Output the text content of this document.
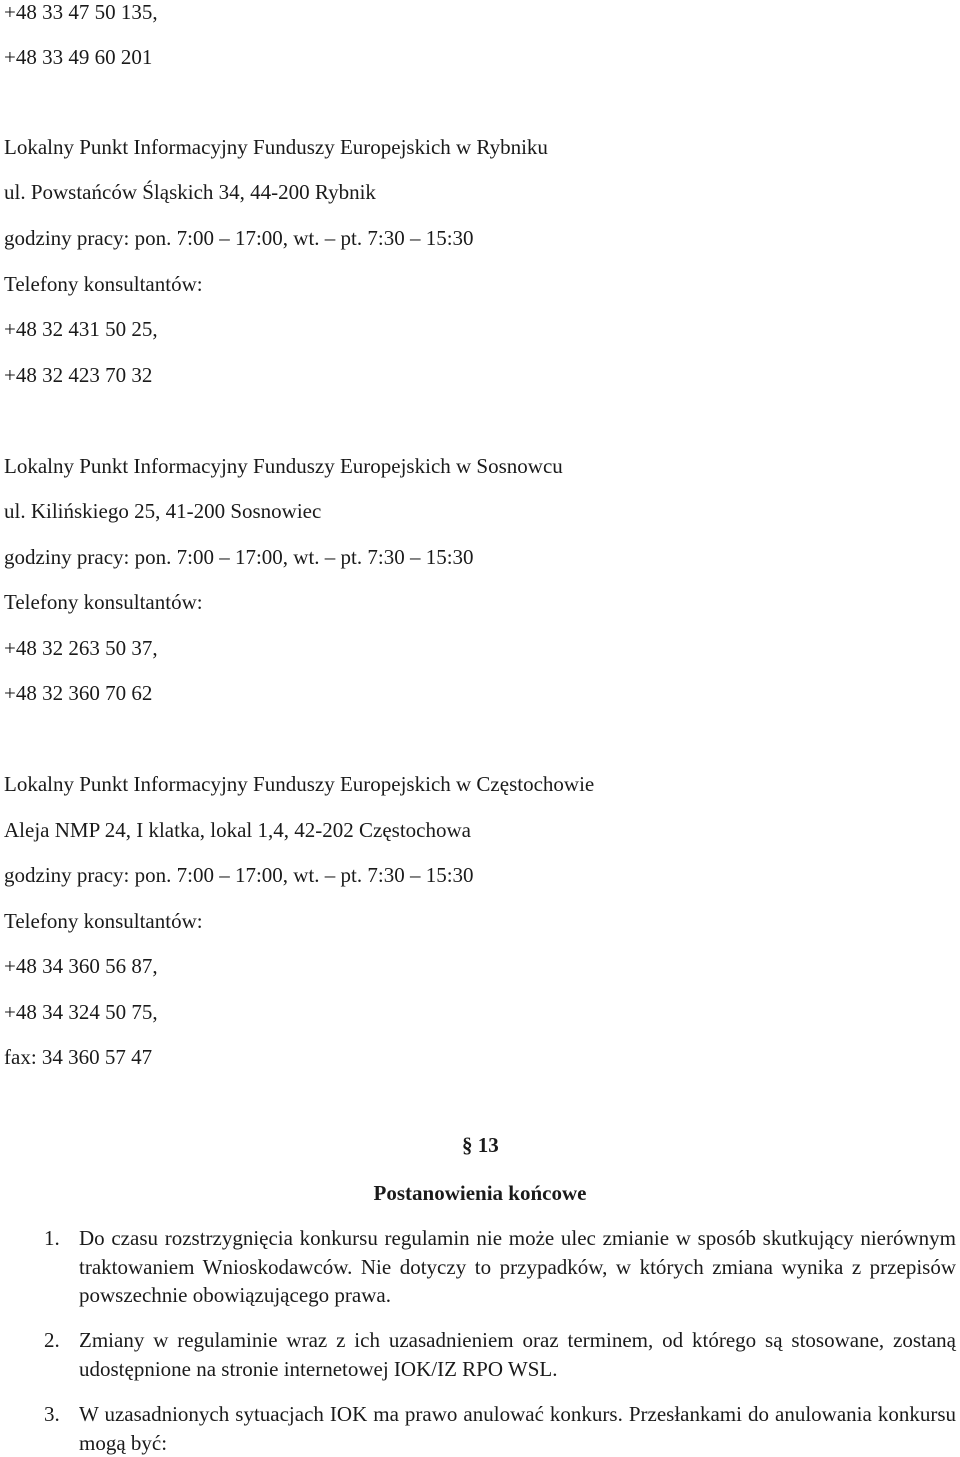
+48 33 47 50 135,
+48 33 49 60 201
Lokalny Punkt Informacyjny Funduszy Europejskich w Rybniku
ul. Powstańców Śląskich 34, 44-200 Rybnik
godziny pracy: pon. 7:00 – 17:00, wt. – pt. 7:30 – 15:30
Telefony konsultantów:
+48 32 431 50 25,
+48 32 423 70 32
Lokalny Punkt Informacyjny Funduszy Europejskich w Sosnowcu
ul. Kilińskiego 25, 41-200 Sosnowiec
godziny pracy: pon. 7:00 – 17:00, wt. – pt. 7:30 – 15:30
Telefony konsultantów:
+48 32 263 50 37,
+48 32 360 70 62
Lokalny Punkt Informacyjny Funduszy Europejskich w Częstochowie
Aleja NMP 24, I klatka, lokal 1,4, 42-202 Częstochowa
godziny pracy: pon. 7:00 – 17:00, wt. – pt. 7:30 – 15:30
Telefony konsultantów:
+48 34 360 56 87,
+48 34 324 50 75,
fax: 34 360 57 47
§ 13
Postanowienia końcowe
1. Do czasu rozstrzygnięcia konkursu regulamin nie może ulec zmianie w sposób skutkujący nierównym traktowaniem Wnioskodawców. Nie dotyczy to przypadków, w których zmiana wynika z przepisów powszechnie obowiązującego prawa.
2. Zmiany w regulaminie wraz z ich uzasadnieniem oraz terminem, od którego są stosowane, zostaną udostępnione na stronie internetowej IOK/IZ RPO WSL.
3. W uzasadnionych sytuacjach IOK ma prawo anulować konkurs. Przesłankami do anulowania konkursu mogą być:
